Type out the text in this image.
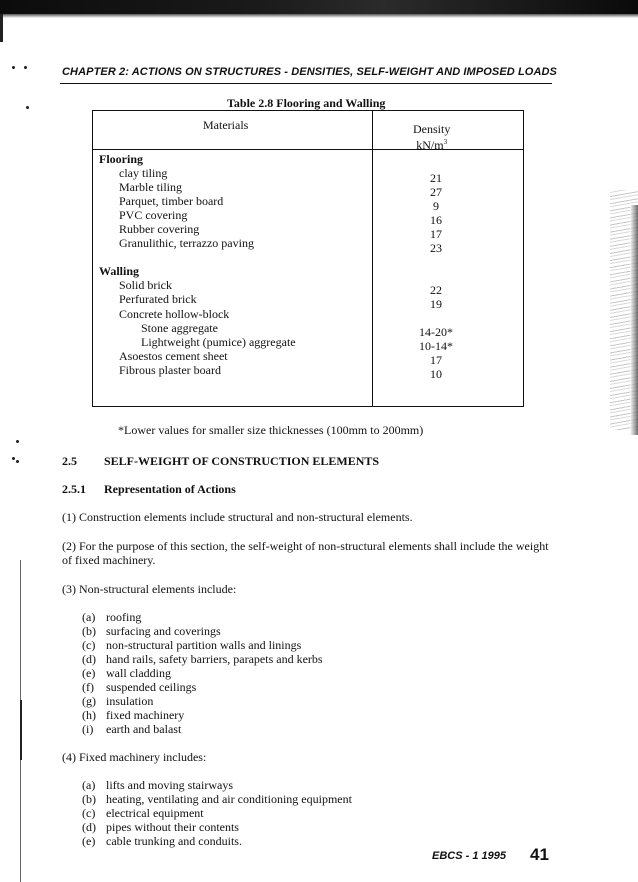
CHAPTER 2: ACTIONS ON STRUCTURES - DENSITIES, SELF-WEIGHT AND IMPOSED LOADS
Table 2.8 Flooring and Walling
Materials	Density
$kN/m^3$
Flooring
clay tiling	21
Marble tiling	27
Parquet, timber board	9
PVC covering	16
Rubber covering	17
Granulithic, terrazzo paving	23
Walling
Solid brick	22
Perfurated brick	19
Concrete hollow-block
Stone aggregate	14-20*
Lightweight (pumice) aggregate	10-14*
Asoestos cement sheet	17
Fibrous plaster board	10
*Lower values for smaller size thicknesses (100mm to 200mm)
2.5 SELF-WEIGHT OF CONSTRUCTION ELEMENTS
2.5.1 Representation of Actions
(1) Construction elements include structural and non-structural elements.
(2) For the purpose of this section, the self-weight of non-structural elements shall include the weight of fixed machinery.
(3) Non-structural elements include:
(a) roofing
(b) surfacing and coverings
(c) non-structural partition walls and linings
(d) hand rails, safety barriers, parapets and kerbs
(e) wall cladding
(f) suspended ceilings
(g) insulation
(h) fixed machinery
(i) earth and balast
(4) Fixed machinery includes:
(a) lifts and moving stairways
(b) heating, ventilating and air conditioning equipment
(c) electrical equipment
(d) pipes without their contents
(e) cable trunking and conduits.
EBCS - 1 1995 41
